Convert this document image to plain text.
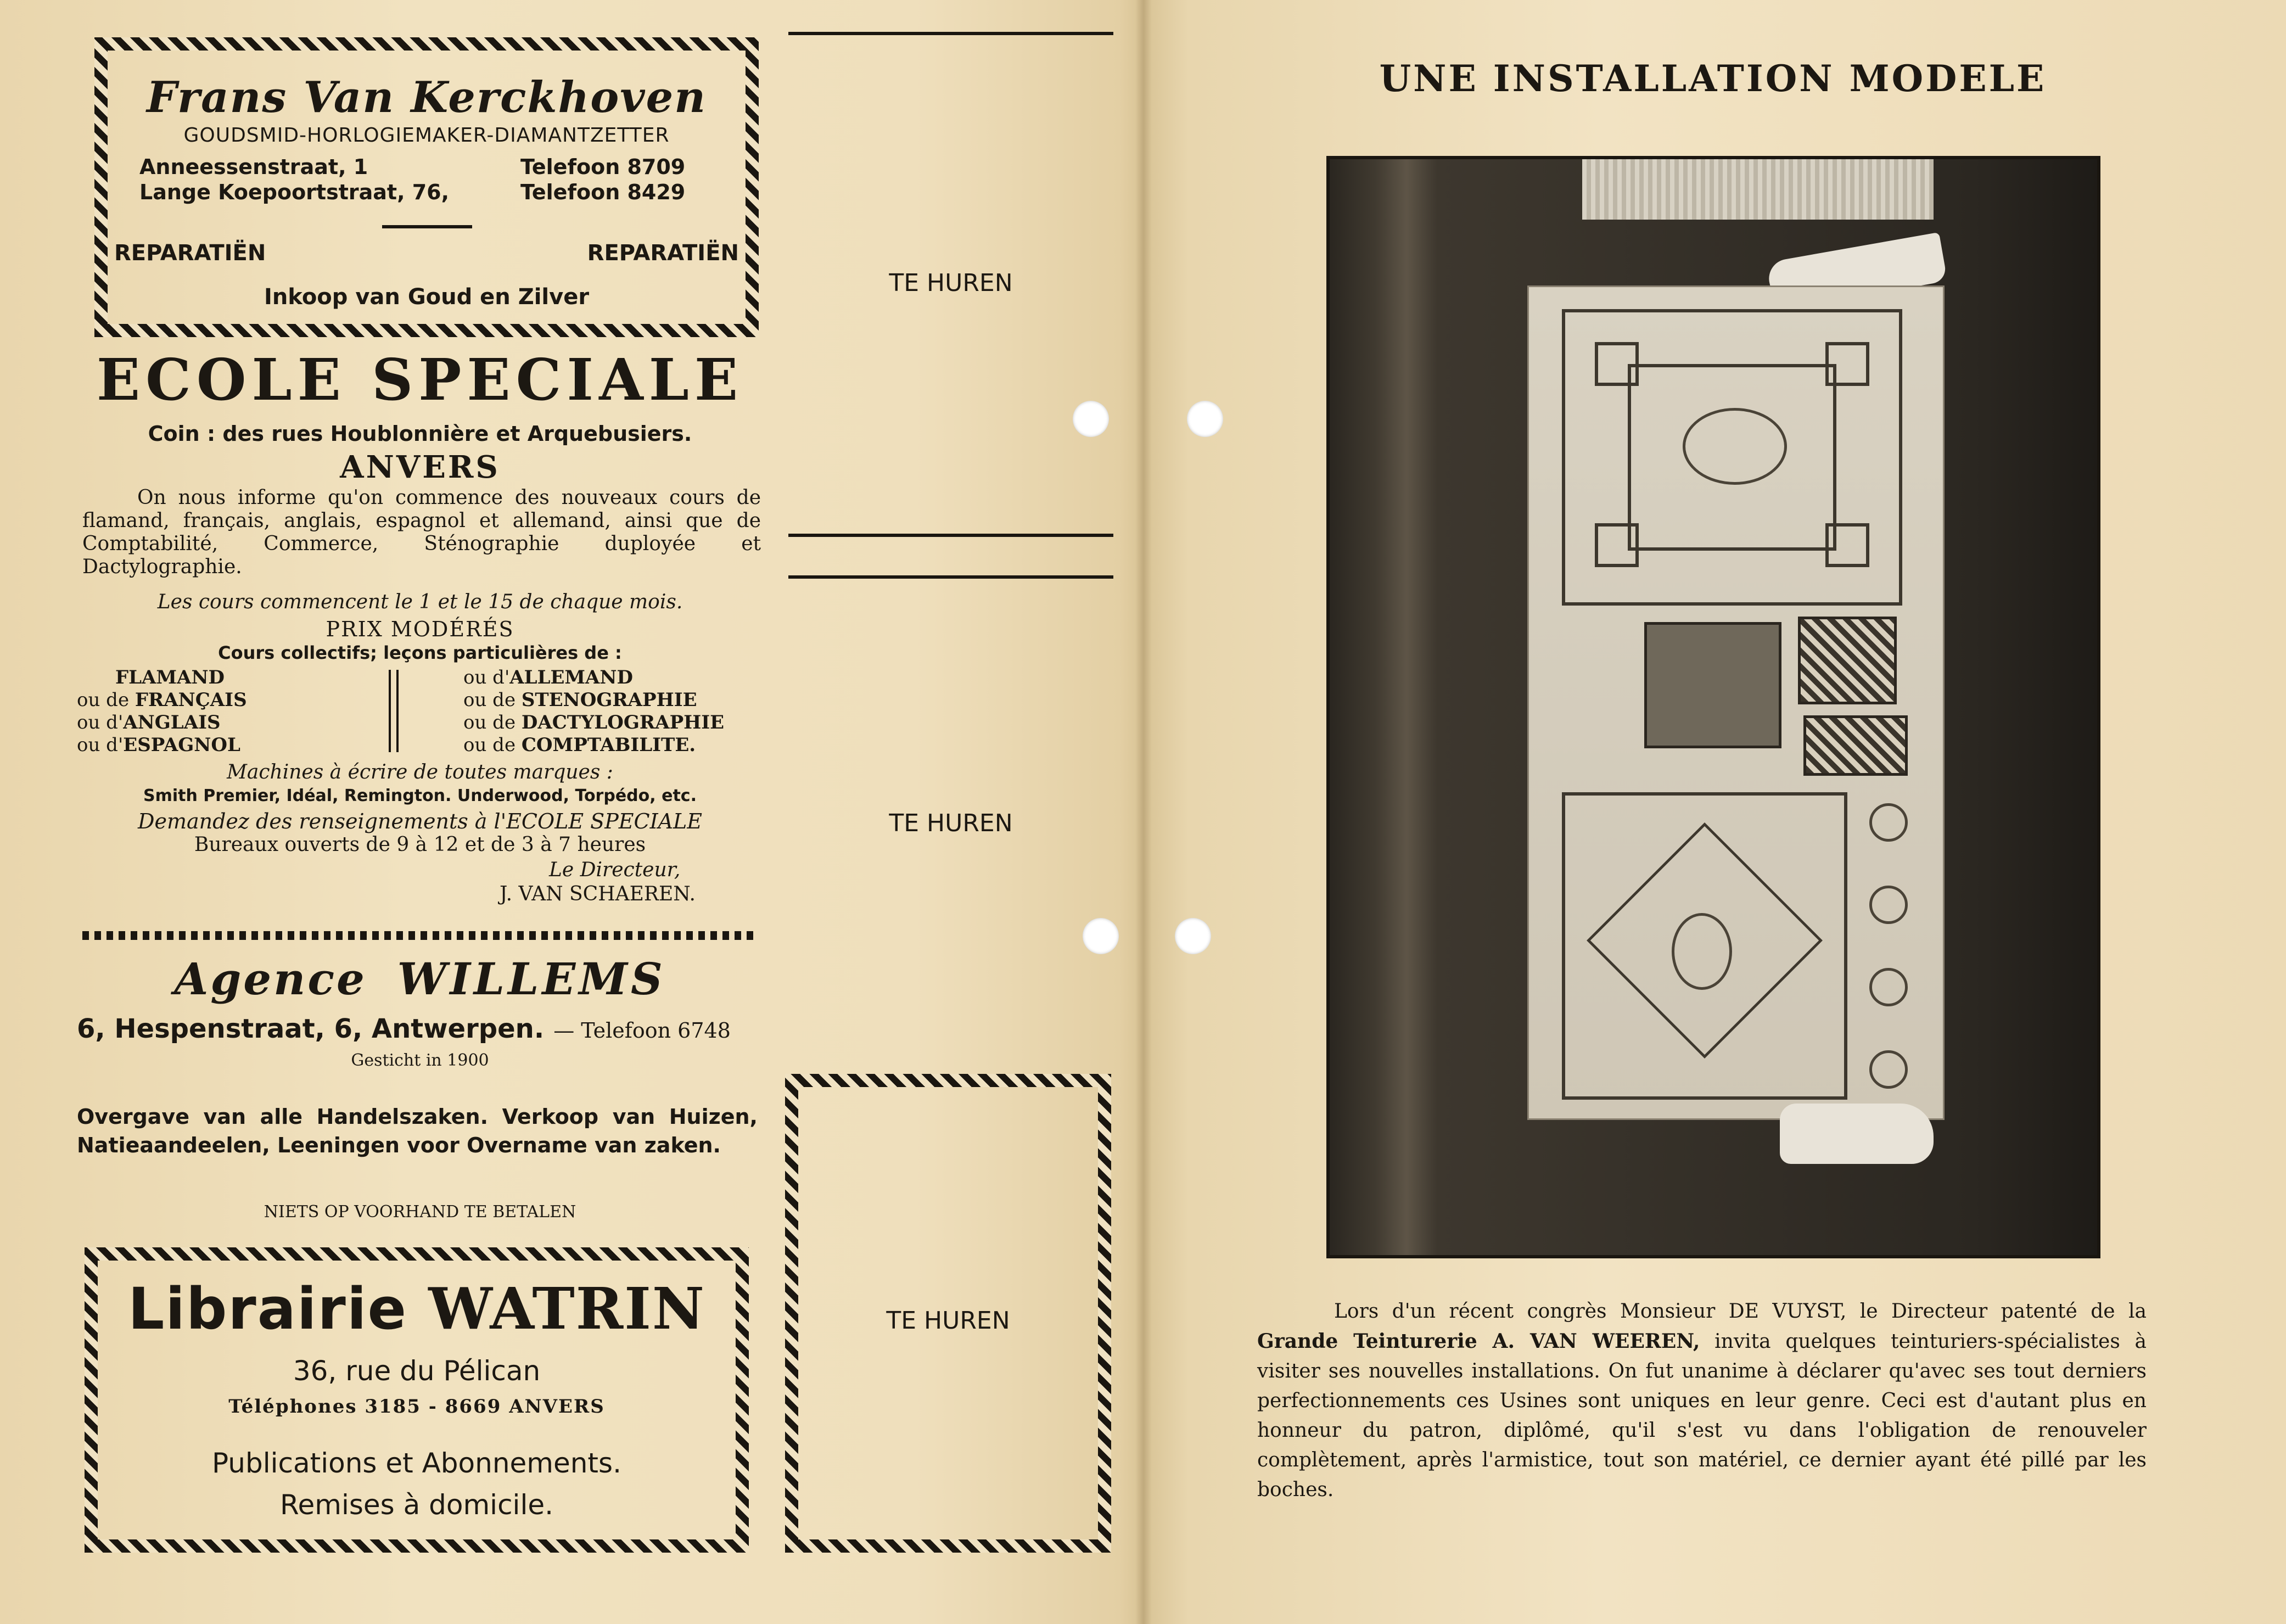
Frans Van Kerckhoven
GOUDSMID-HORLOGIEMAKER-DIAMANTZETTER
Anneessenstraat, 1
Lange Koepoortstraat, 76,
Telefoon 8709
Telefoon 8429
REPARATIËN	REPARATIËN
Inkoop van Goud en Zilver
ECOLE SPECIALE
Coin : des rues Houblonnière et Arquebusiers.
ANVERS
On nous informe qu'on commence des nouveaux cours de flamand, français, anglais, espagnol et allemand, ainsi que de Comptabilité, Commerce, Sténographie duployée et Dactylographie.
Les cours commencent le 1 et le 15 de chaque mois.
PRIX MODÉRÉS
Cours collectifs; leçons particulières de :
FLAMAND
ou de FRANÇAIS
ou d'ANGLAIS
ou d'ESPAGNOL
ou d'ALLEMAND
ou de STENOGRAPHIE
ou de DACTYLOGRAPHIE
ou de COMPTABILITE.
Machines à écrire de toutes marques :
Smith Premier, Idéal, Remington. Underwood, Torpédo, etc.
Demandez des renseignements à l'ECOLE SPECIALE
Bureaux ouverts de 9 à 12 et de 3 à 7 heures
Le Directeur,
J. VAN SCHAEREN.
Agence WILLEMS
6, Hespenstraat, 6, Antwerpen. — Telefoon 6748
Gesticht in 1900
Overgave van alle Handelszaken. Verkoop van Huizen, Natieaandeelen, Leeningen voor Overname van zaken.
NIETS OP VOORHAND TE BETALEN
Librairie WATRIN
36, rue du Pélican
Téléphones 3185 - 8669 ANVERS
Publications et Abonnements.
Remises à domicile.
TE HUREN
TE HUREN
TE HUREN
UNE INSTALLATION MODELE
Lors d'un récent congrès Monsieur DE VUYST, le Directeur patenté de la Grande Teinturerie A. VAN WEEREN, invita quelques teinturiers-spécialistes à visiter ses nouvelles installations. On fut unanime à déclarer qu'avec ses tout derniers perfectionnements ces Usines sont uniques en leur genre. Ceci est d'autant plus en honneur du patron, diplômé, qu'il s'est vu dans l'obligation de renouveler complètement, après l'armistice, tout son matériel, ce dernier ayant été pillé par les boches.
